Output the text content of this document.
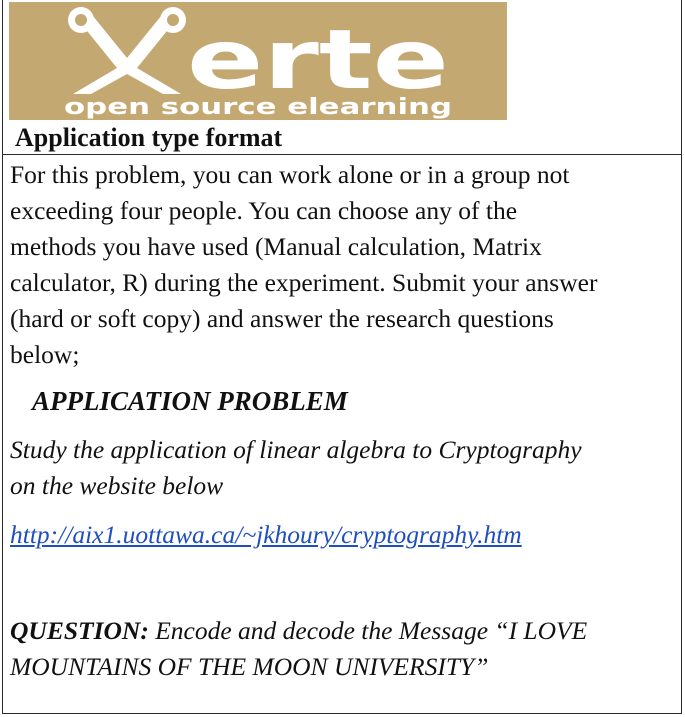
erte
open source elearning
Application type format
For this problem, you can work alone or in a group not
exceeding four people. You can choose any of the
methods you have used (Manual calculation, Matrix
calculator, R) during the experiment. Submit your answer
(hard or soft copy) and answer the research questions
below;
APPLICATION PROBLEM
Study the application of linear algebra to Cryptography
on the website below
http://aix1.uottawa.ca/~jkhoury/cryptography.htm
QUESTION: Encode and decode the Message “I LOVE
MOUNTAINS OF THE MOON UNIVERSITY”
